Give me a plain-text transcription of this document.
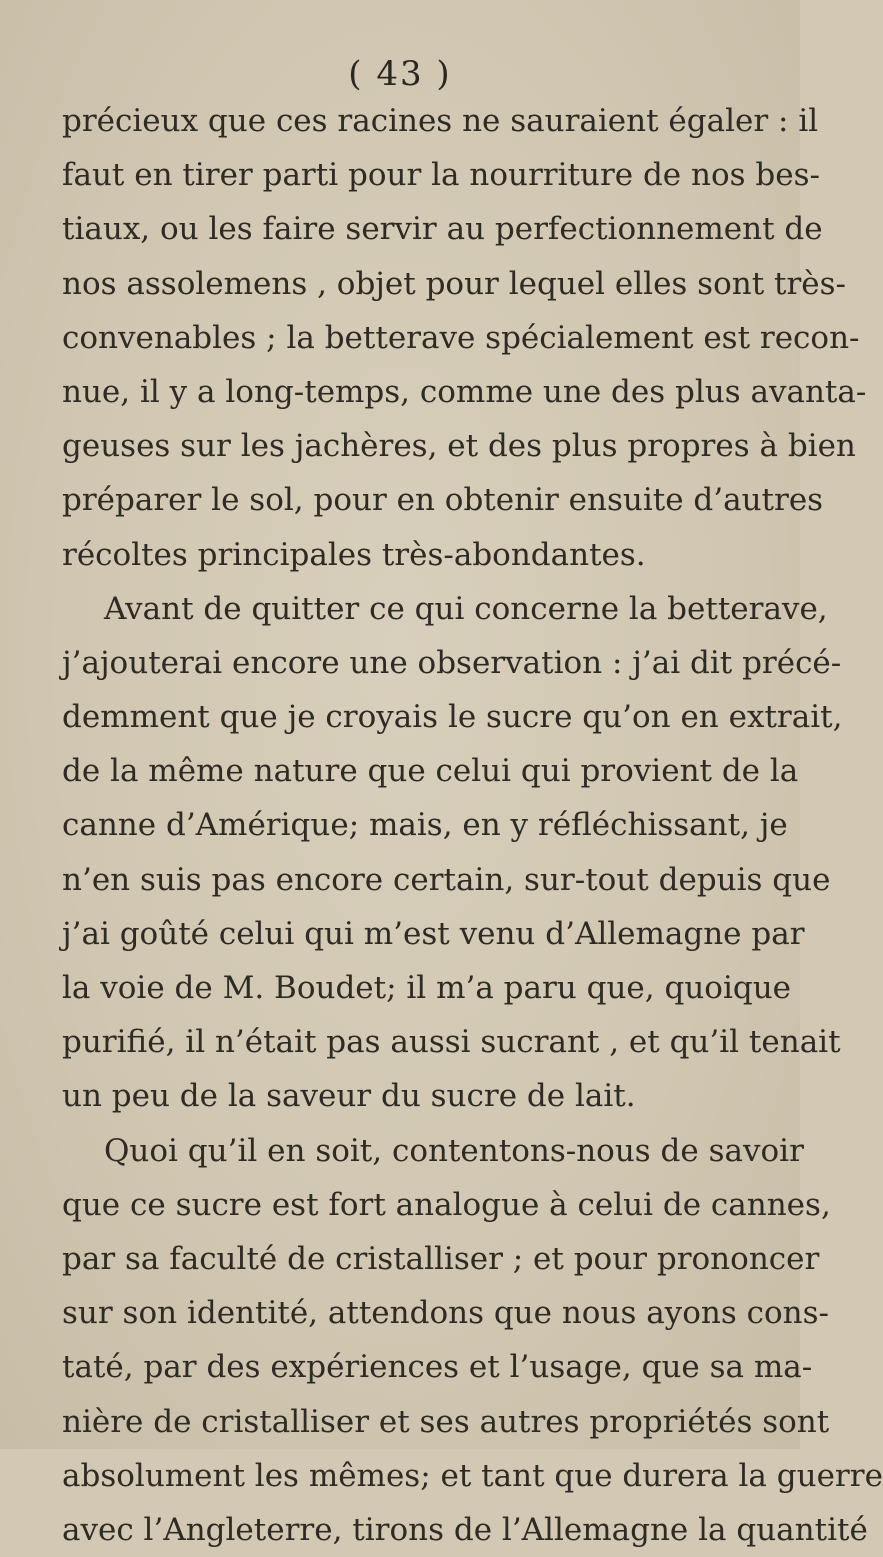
( 43 )
précieux que ces racines ne sauraient égaler : il
faut en tirer parti pour la nourriture de nos bes-
tiaux, ou les faire servir au perfectionnement de
nos assolemens , objet pour lequel elles sont très-
convenables ; la betterave spécialement est recon-
nue, il y a long-temps, comme une des plus avanta-
geuses sur les jachères, et des plus propres à bien
préparer le sol, pour en obtenir ensuite d’autres
récoltes principales très-abondantes.
Avant de quitter ce qui concerne la betterave,
j’ajouterai encore une observation : j’ai dit précé-
demment que je croyais le sucre qu’on en extrait,
de la même nature que celui qui provient de la
canne d’Amérique; mais, en y réfléchissant, je
n’en suis pas encore certain, sur-tout depuis que
j’ai goûté celui qui m’est venu d’Allemagne par
la voie de M. Boudet; il m’a paru que, quoique
purifié, il n’était pas aussi sucrant , et qu’il tenait
un peu de la saveur du sucre de lait.
Quoi qu’il en soit, contentons-nous de savoir
que ce sucre est fort analogue à celui de cannes,
par sa faculté de cristalliser ; et pour prononcer
sur son identité, attendons que nous ayons cons-
taté, par des expériences et l’usage, que sa ma-
nière de cristalliser et ses autres propriétés sont
absolument les mêmes; et tant que durera la guerre
avec l’Angleterre, tirons de l’Allemagne la quantité
